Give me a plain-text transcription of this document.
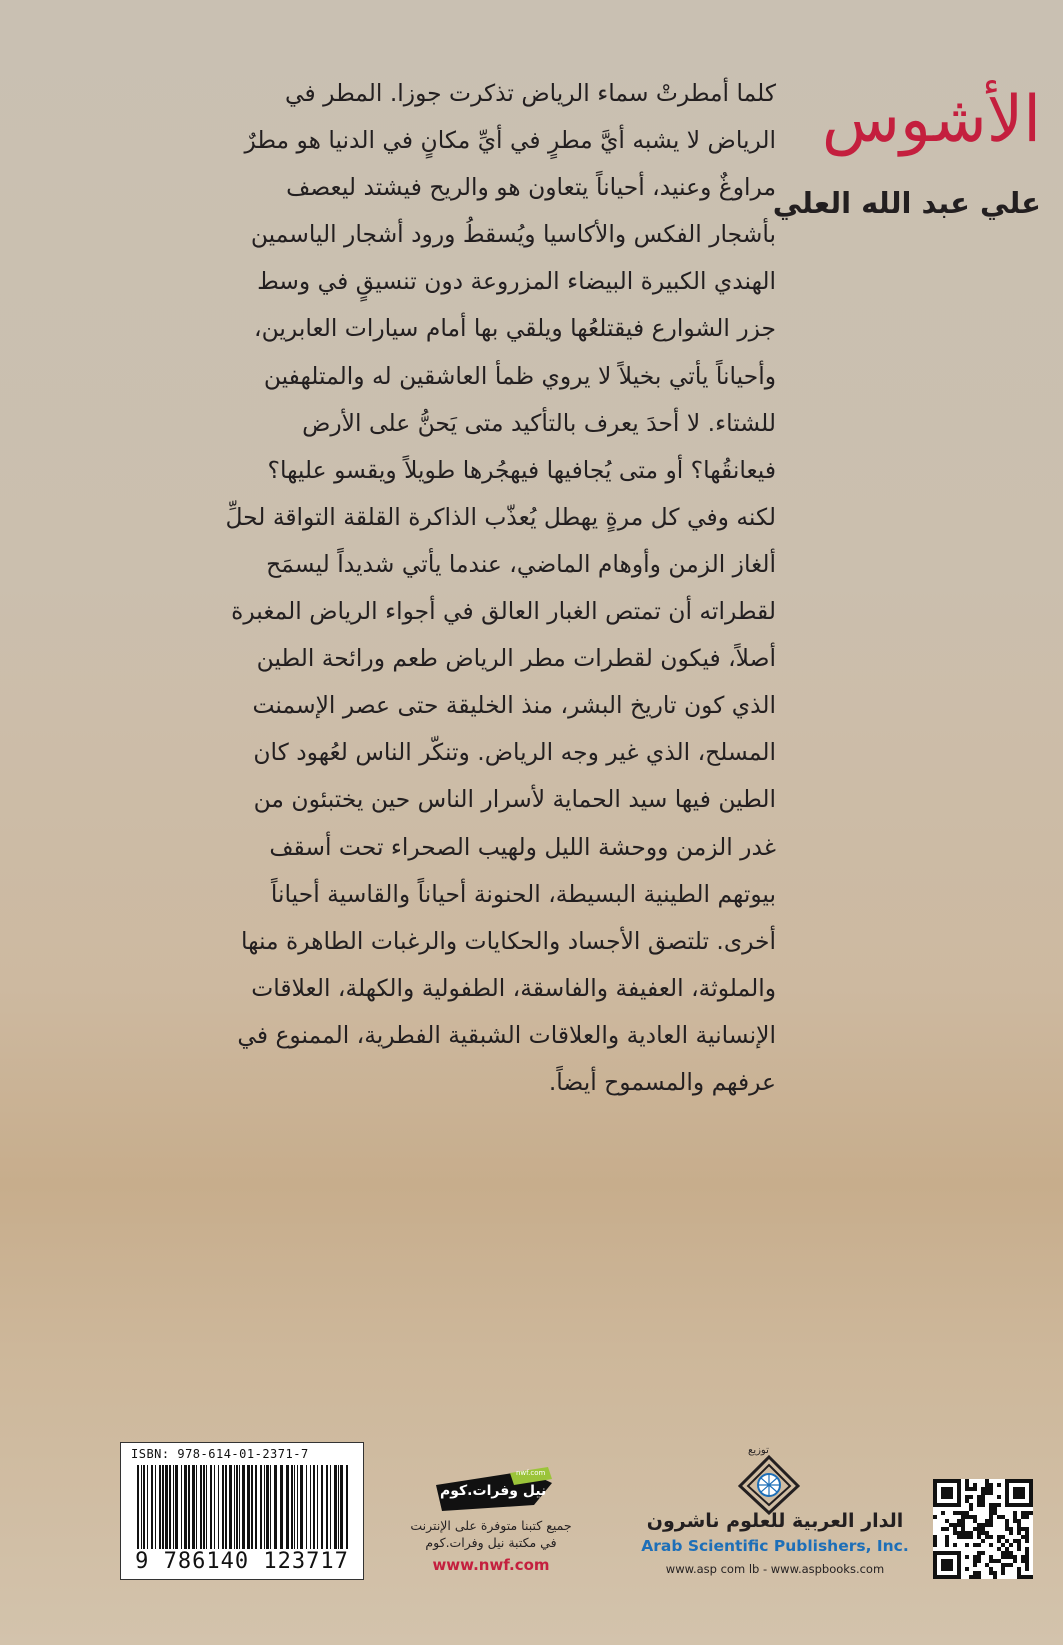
الأشوس
علي عبد الله العلي
كلما أمطرتْ سماء الرياض تذكرت جوزا. المطر في
الرياض لا يشبه أيَّ مطرٍ في أيِّ مكانٍ في الدنيا هو مطرٌ
مراوغٌ وعنيد، أحياناً يتعاون هو والريح فيشتد ليعصف
بأشجار الفكس والأكاسيا ويُسقطُ ورود أشجار الياسمين
الهندي الكبيرة البيضاء المزروعة دون تنسيقٍ في وسط
جزر الشوارع فيقتلعُها ويلقي بها أمام سيارات العابرين،
وأحياناً يأتي بخيلاً لا يروي ظمأ العاشقين له والمتلهفين
للشتاء. لا أحدَ يعرف بالتأكيد متى يَحنُّ على الأرض
فيعانقُها؟ أو متى يُجافيها فيهجُرها طويلاً ويقسو عليها؟
لكنه وفي كل مرةٍ يهطل يُعذّب الذاكرة القلقة التواقة لحلِّ
ألغاز الزمن وأوهام الماضي، عندما يأتي شديداً ليسمَح
لقطراته أن تمتص الغبار العالق في أجواء الرياض المغبرة
أصلاً، فيكون لقطرات مطر الرياض طعم ورائحة الطين
الذي كون تاريخ البشر، منذ الخليقة حتى عصر الإسمنت
المسلح، الذي غير وجه الرياض. وتنكّر الناس لعُهود كان
الطين فيها سيد الحماية لأسرار الناس حين يختبئون من
غدر الزمن ووحشة الليل ولهيب الصحراء تحت أسقف
بيوتهم الطينية البسيطة، الحنونة أحياناً والقاسية أحياناً
أخرى. تلتصق الأجساد والحكايات والرغبات الطاهرة منها
والملوثة، العفيفة والفاسقة، الطفولية والكهلة، العلاقات
الإنسانية العادية والعلاقات الشبقية الفطرية، الممنوع في
عرفهم والمسموح أيضاً.
ISBN: 978-614-01-2371-7
9 786140 123717
nwf.com
نيل وفرات.كوم
جميع كتبنا متوفرة على الإنترنت
في مكتبة نيل وفرات.كوم
www.nwf.com
توزيع
الدار العربية للعلوم ناشرون
Arab Scientific Publishers, Inc.
www.asp com lb - www.aspbooks.com
